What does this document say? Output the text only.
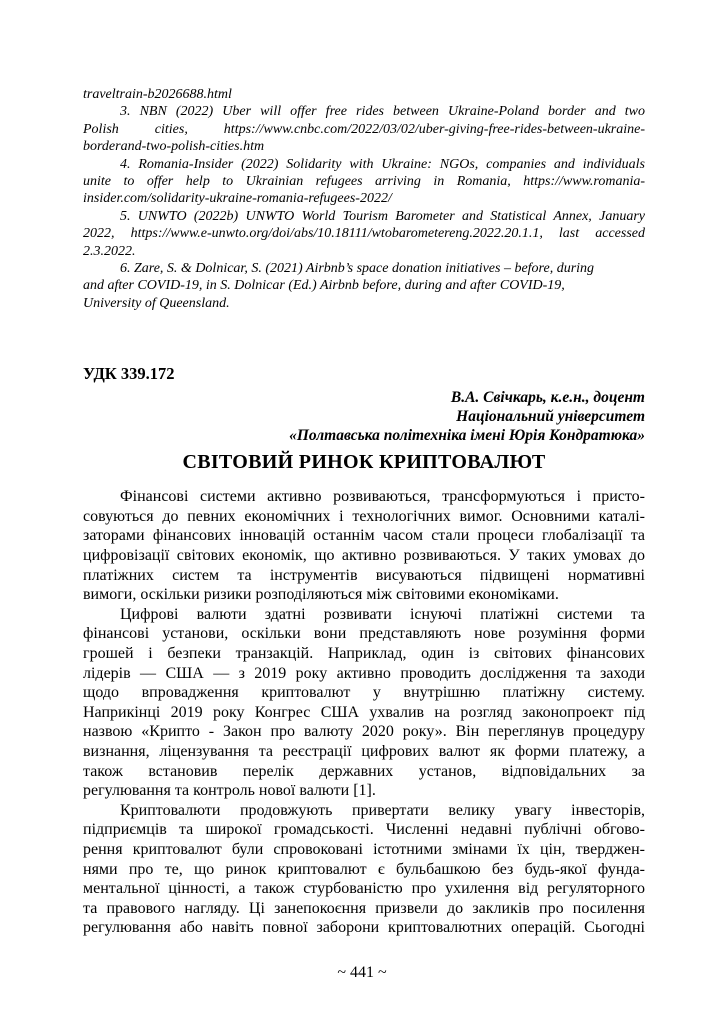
traveltrain-b2026688.html
3. NBN (2022) Uber will offer free rides between Ukraine-Poland border and two
Polish cities, https://www.cnbc.com/2022/03/02/uber-giving-free-rides-between-ukraine-
borderand-two-polish-cities.htm
4. Romania-Insider (2022) Solidarity with Ukraine: NGOs, companies and individuals
unite to offer help to Ukrainian refugees arriving in Romania, https://www.romania-
insider.com/solidarity-ukraine-romania-refugees-2022/
5. UNWTO (2022b) UNWTO World Tourism Barometer and Statistical Annex, January
2022, https://www.e-unwto.org/doi/abs/10.18111/wtobarometereng.2022.20.1.1, last accessed
2.3.2022.
6. Zare, S. & Dolnicar, S. (2021) Airbnb’s space donation initiatives – before, during
and after COVID-19, in S. Dolnicar (Ed.) Airbnb before, during and after COVID-19,
University of Queensland.
УДК 339.172
В.А. Свічкарь, к.е.н., доцент
Національний університет
«Полтавська політехніка імені Юрія Кондратюка»
СВІТОВИЙ РИНОК КРИПТОВАЛЮТ
Фінансові системи активно розвиваються, трансформуються і присто-
совуються до певних економічних і технологічних вимог. Основними каталі-
заторами фінансових інновацій останнім часом стали процеси глобалізації та
цифровізації світових економік, що активно розвиваються. У таких умовах до
платіжних систем та інструментів висуваються підвищені нормативні
вимоги, оскільки ризики розподіляються між світовими економіками.
Цифрові валюти здатні розвивати існуючі платіжні системи та
фінансові установи, оскільки вони представляють нове розуміння форми
грошей і безпеки транзакцій. Наприклад, один із світових фінансових
лідерів — США — з 2019 року активно проводить дослідження та заходи
щодо впровадження криптовалют у внутрішню платіжну систему.
Наприкінці 2019 року Конгрес США ухвалив на розгляд законопроект під
назвою «Крипто - Закон про валюту 2020 року». Він переглянув процедуру
визнання, ліцензування та реєстрації цифрових валют як форми платежу, а
також встановив перелік державних установ, відповідальних за
регулювання та контроль нової валюти [1].
Криптовалюти продовжують привертати велику увагу інвесторів,
підприємців та широкої громадськості. Численні недавні публічні обгово-
рення криптовалют були спровоковані істотними змінами їх цін, тверджен-
нями про те, що ринок криптовалют є бульбашкою без будь-якої фунда-
ментальної цінності, а також стурбованістю про ухилення від регуляторного
та правового нагляду. Ці занепокоєння призвели до закликів про посилення
регулювання або навіть повної заборони криптовалютних операцій. Сьогодні
~ 441 ~
